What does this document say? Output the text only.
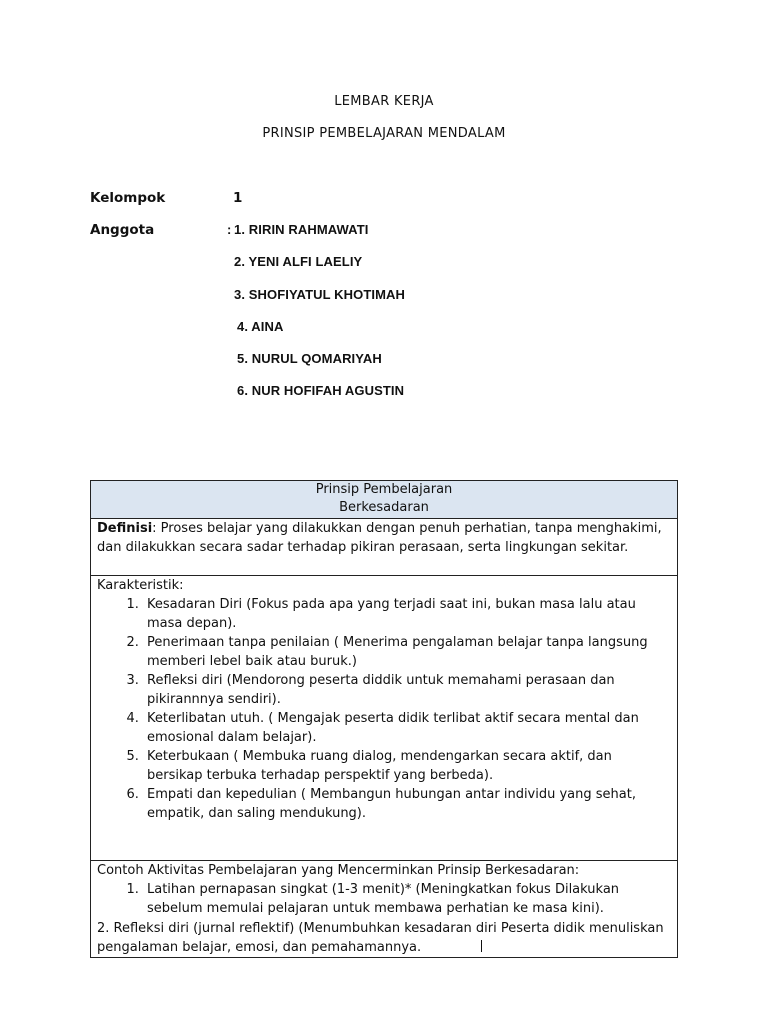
LEMBAR KERJA
PRINSIP PEMBELAJARAN MENDALAM
Kelompok	1
Anggota	: 1. RIRIN RAHMAWATI
2. YENI ALFI LAELIY
3. SHOFIYATUL KHOTIMAH
4. AINA
5. NURUL QOMARIYAH
6. NUR HOFIFAH AGUSTIN
Prinsip Pembelajaran
Berkesadaran

Definisi: Proses belajar yang dilakukkan dengan penuh perhatian, tanpa menghakimi, dan dilakukkan secara sadar terhadap pikiran perasaan, serta lingkungan sekitar.

Karakteristik:
1. Kesadaran Diri (Fokus pada apa yang terjadi saat ini, bukan masa lalu atau masa depan).
2. Penerimaan tanpa penilaian ( Menerima pengalaman belajar tanpa langsung memberi lebel baik atau buruk.)
3. Refleksi diri (Mendorong peserta diddik untuk memahami perasaan dan pikirannnya sendiri).
4. Keterlibatan utuh. ( Mengajak peserta didik terlibat aktif secara mental dan emosional dalam belajar).
5. Keterbukaan ( Membuka ruang dialog, mendengarkan secara aktif, dan bersikap terbuka terhadap perspektif yang berbeda).
6. Empati dan kepedulian ( Membangun hubungan antar individu yang sehat, empatik, dan saling mendukung).

Contoh Aktivitas Pembelajaran yang Mencerminkan Prinsip Berkesadaran:
1. Latihan pernapasan singkat (1-3 menit)* (Meningkatkan fokus Dilakukan sebelum memulai pelajaran untuk membawa perhatian ke masa kini).
2. Refleksi diri (jurnal reflektif) (Menumbuhkan kesadaran diri Peserta didik menuliskan pengalaman belajar, emosi, dan pemahamannya.
